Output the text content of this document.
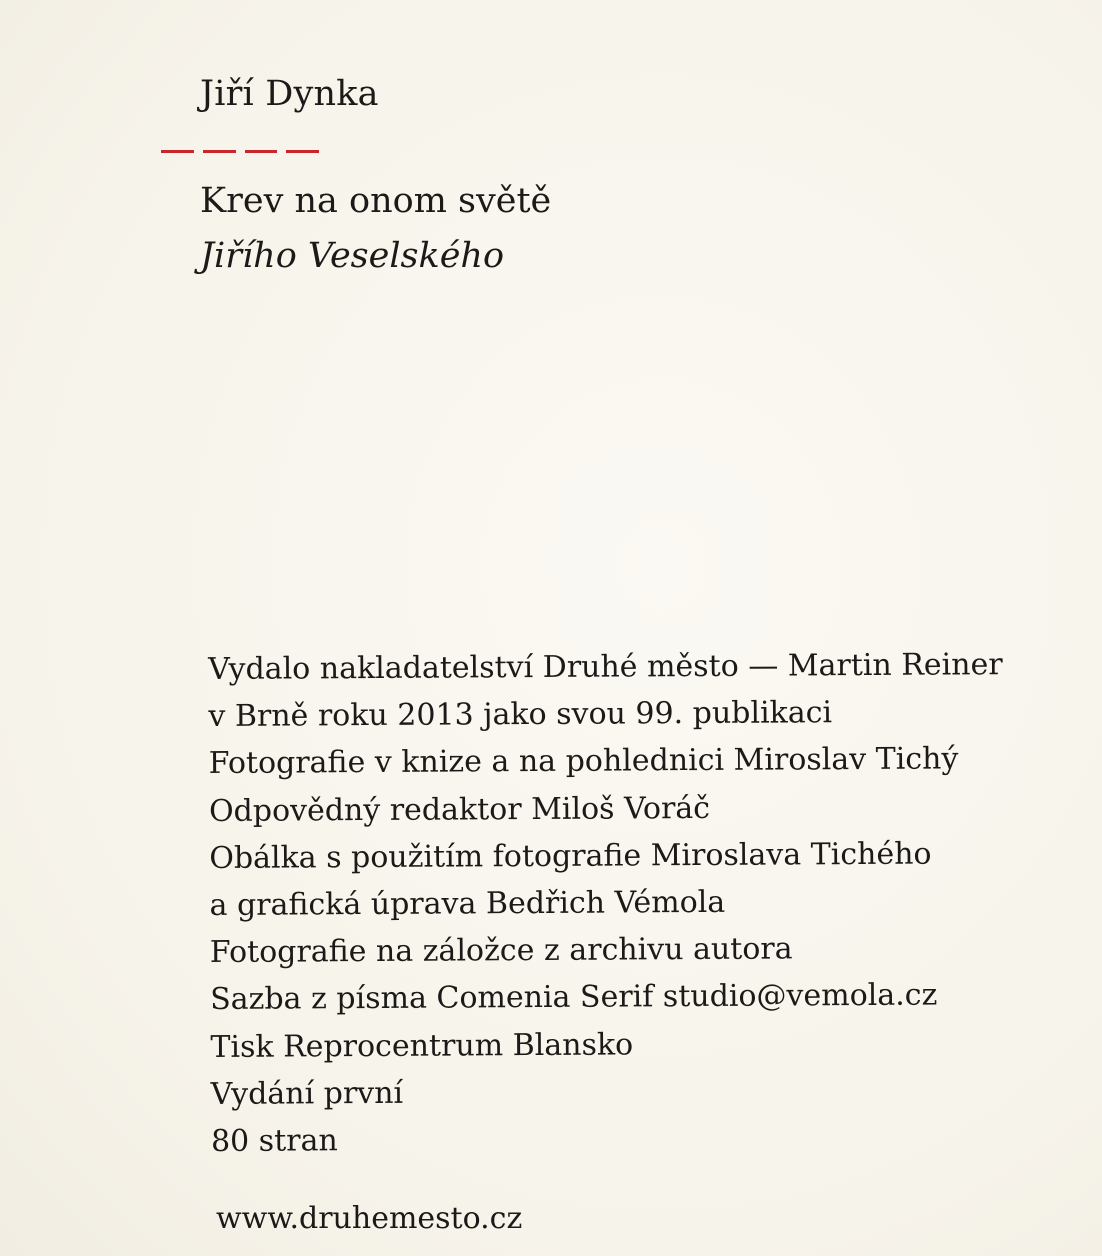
Jiří Dynka
Krev na onom světě
Jiřího Veselského
Vydalo nakladatelství Druhé město — Martin Reiner
v Brně roku 2013 jako svou 99. publikaci
Fotografie v knize a na pohlednici Miroslav Tichý
Odpovědný redaktor Miloš Voráč
Obálka s použitím fotografie Miroslava Tichého
a grafická úprava Bedřich Vémola
Fotografie na záložce z archivu autora
Sazba z písma Comenia Serif studio@vemola.cz
Tisk Reprocentrum Blansko
Vydání první
80 stran
www.druhemesto.cz
